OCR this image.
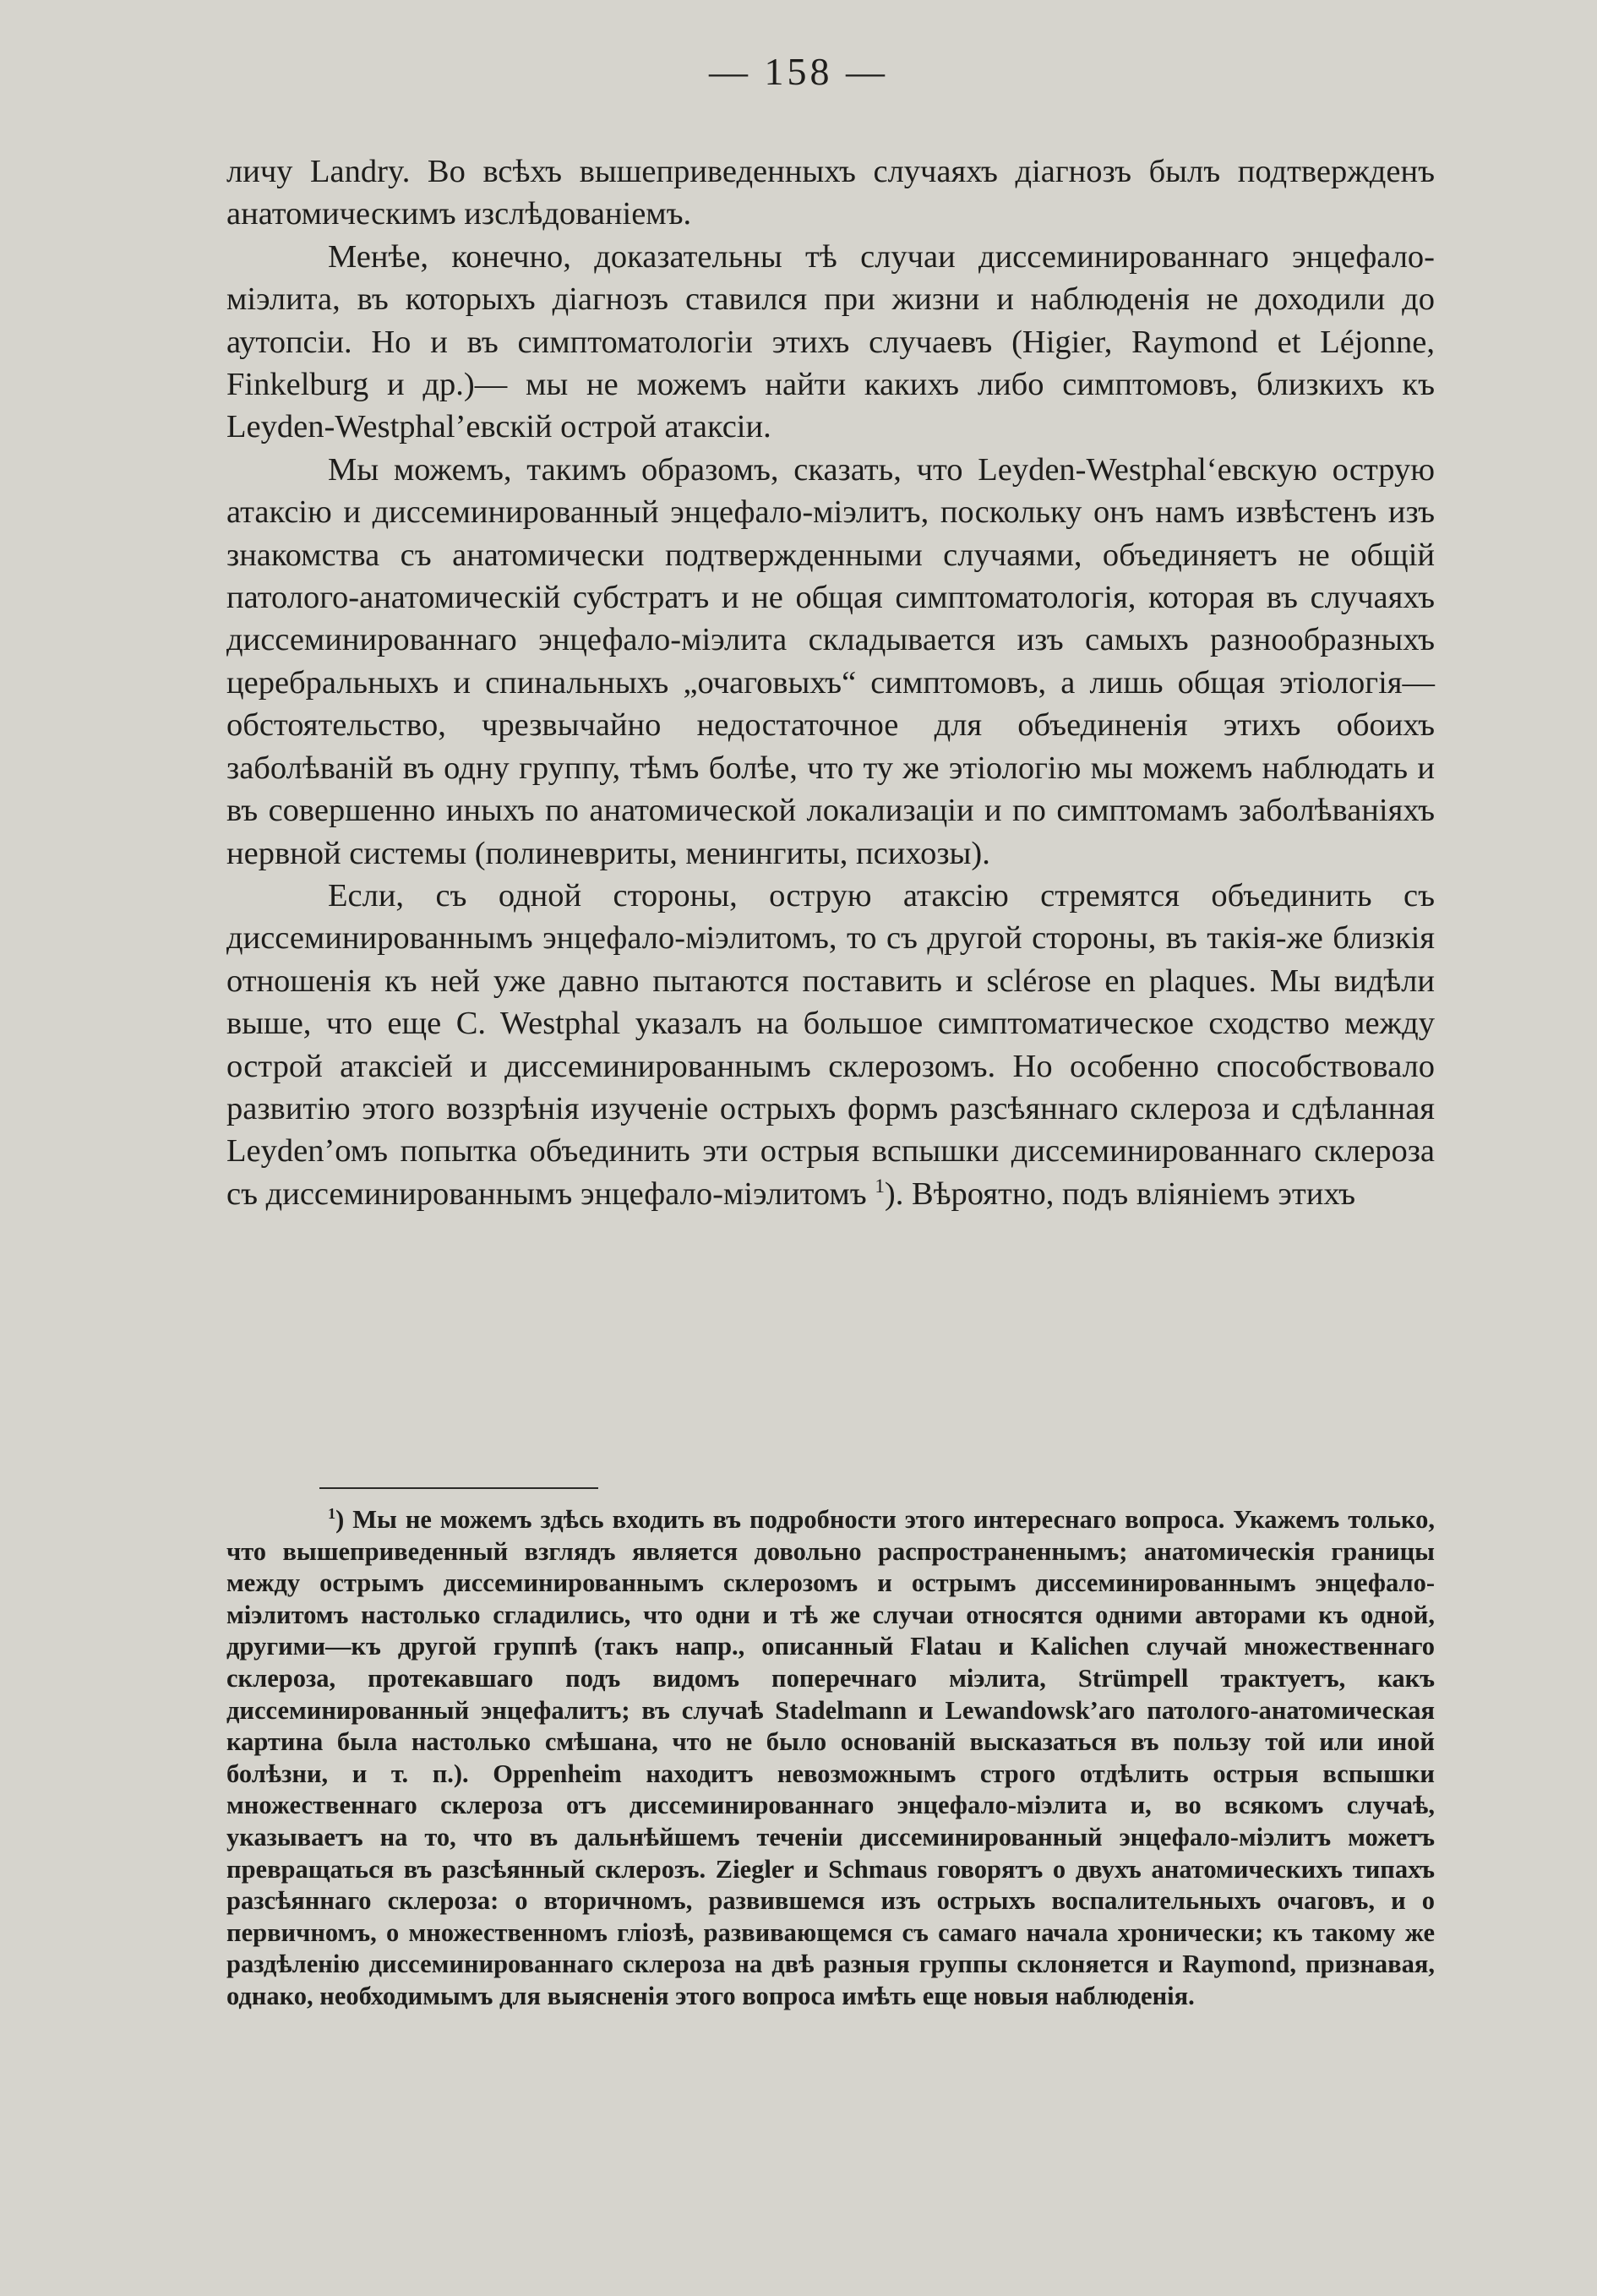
— 158 —

личу Landry. Во всѣхъ вышеприведенныхъ случаяхъ діагнозъ былъ подтвержденъ анатомическимъ изслѣдованіемъ.

Менѣе, конечно, доказательны тѣ случаи диссеминированнаго энцефало-міэлита, въ которыхъ діагнозъ ставился при жизни и наблюденія не доходили до аутопсіи. Но и въ симптоматологіи этихъ случаевъ (Higier, Raymond et Léjonne, Finkelburg и др.)— мы не можемъ найти какихъ либо симптомовъ, близкихъ къ Leyden-Westphal’евскій острой атаксіи.

Мы можемъ, такимъ образомъ, сказать, что Leyden-Westphal‘евскую острую атаксію и диссеминированный энцефало-міэлитъ, поскольку онъ намъ извѣстенъ изъ знакомства съ анатомически подтвержденными случаями, объединяетъ не общій патолого-анатомическій субстратъ и не общая симптоматологія, которая въ случаяхъ диссеминированнаго энцефало-міэлита складывается изъ самыхъ разнообразныхъ церебральныхъ и спинальныхъ „очаговыхъ“ симптомовъ, а лишь общая этіологія—обстоятельство, чрезвычайно недостаточное для объединенія этихъ обоихъ заболѣваній въ одну группу, тѣмъ болѣе, что ту же этіологію мы можемъ наблюдать и въ совершенно иныхъ по анатомической локализаціи и по симптомамъ заболѣваніяхъ нервной системы (полиневриты, менингиты, психозы).

Если, съ одной стороны, острую атаксію стремятся объединить съ диссеминированнымъ энцефало-міэлитомъ, то съ другой стороны, въ такія-же близкія отношенія къ ней уже давно пытаются поставить и sclérose en plaques. Мы видѣли выше, что еще C. Westphal указалъ на большое симптоматическое сходство между острой атаксіей и диссеминированнымъ склерозомъ. Но особенно способствовало развитію этого воззрѣнія изученіе острыхъ формъ разсѣяннаго склероза и сдѣланная Leyden’омъ попытка объединить эти острыя вспышки диссеминированнаго склероза съ диссеминированнымъ энцефало-міэлитомъ $^1$). Вѣроятно, подъ вліяніемъ этихъ

$^1$) Мы не можемъ здѣсь входить въ подробности этого интереснаго вопроса. Укажемъ только, что вышеприведенный взглядъ является довольно распространеннымъ; анатомическія границы между острымъ диссеминированнымъ склерозомъ и острымъ диссеминированнымъ энцефало-міэлитомъ настолько сгладились, что одни и тѣ же случаи относятся одними авторами къ одной, другими—къ другой группѣ (такъ напр., описанный Flatau и Kalichen случай множественнаго склероза, протекавшаго подъ видомъ поперечнаго міэлита, Strümpell трактуетъ, какъ диссеминированный энцефалитъ; въ случаѣ Stadelmann и Lewandowsk’аго патолого-анатомическая картина была настолько смѣшана, что не было основаній высказаться въ пользу той или иной болѣзни, и т. п.). Oppenheim находитъ невозможнымъ строго отдѣлить острыя вспышки множественнаго склероза отъ диссеминированнаго энцефало-міэлита и, во всякомъ случаѣ, указываетъ на то, что въ дальнѣйшемъ теченіи диссеминированный энцефало-міэлитъ можетъ превращаться въ разсѣянный склерозъ. Ziegler и Schmaus говорятъ о двухъ анатомическихъ типахъ разсѣяннаго склероза: о вторичномъ, развившемся изъ острыхъ воспалительныхъ очаговъ, и о первичномъ, о множественномъ гліозѣ, развивающемся съ самаго начала хронически; къ такому же раздѣленію диссеминированнаго склероза на двѣ разныя группы склоняется и Raymond, признавая, однако, необходимымъ для выясненія этого вопроса имѣть еще новыя наблюденія.
